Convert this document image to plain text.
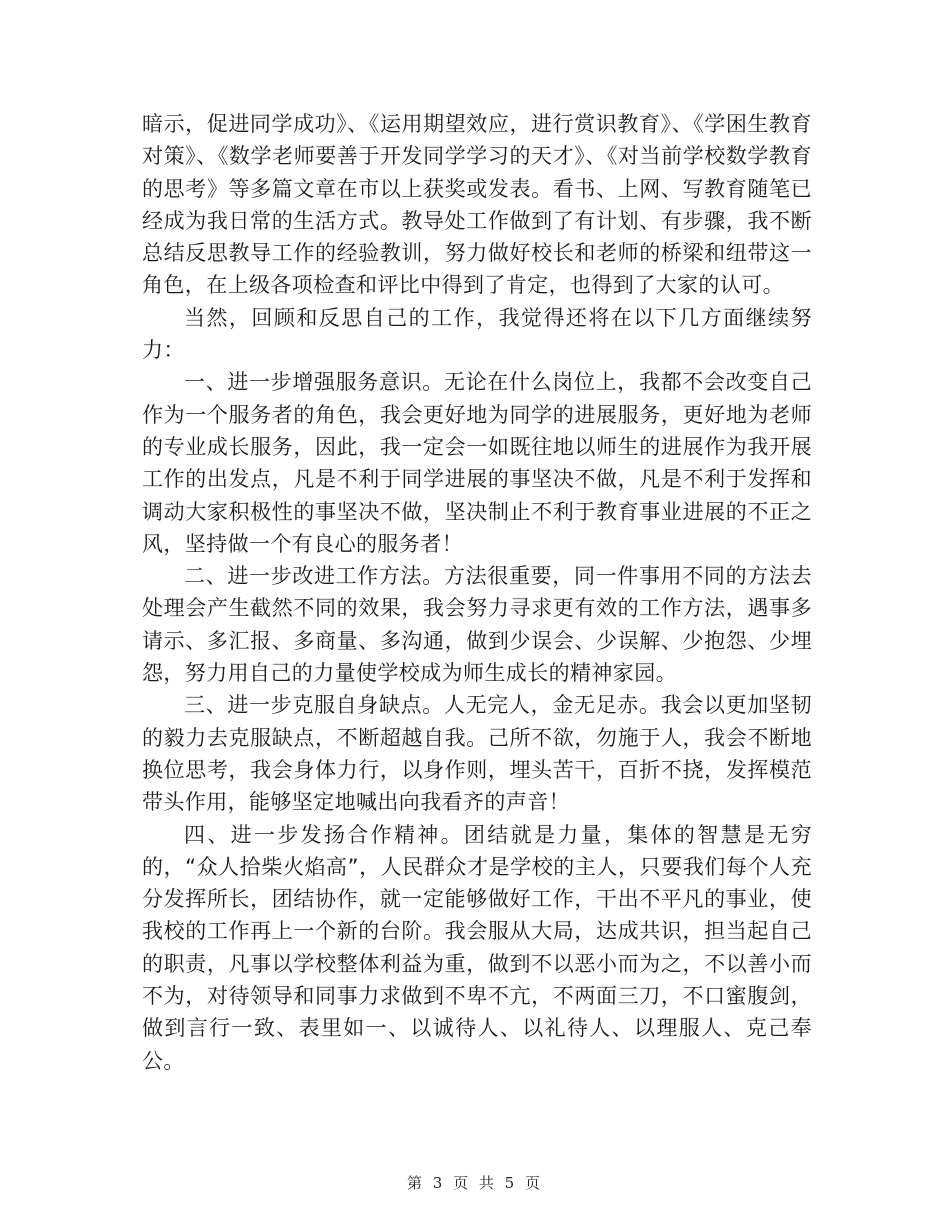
暗示，促进同学成功》、《运用期望效应，进行赏识教育》、《学困生教育对策》、《数学老师要善于开发同学学习的天才》、《对当前学校数学教育的思考》等多篇文章在市以上获奖或发表。看书、上网、写教育随笔已经成为我日常的生活方式。教导处工作做到了有计划、有步骤，我不断总结反思教导工作的经验教训，努力做好校长和老师的桥梁和纽带这一角色，在上级各项检查和评比中得到了肯定，也得到了大家的认可。

当然，回顾和反思自己的工作，我觉得还将在以下几方面继续努力：

一、进一步增强服务意识。无论在什么岗位上，我都不会改变自己作为一个服务者的角色，我会更好地为同学的进展服务，更好地为老师的专业成长服务，因此，我一定会一如既往地以师生的进展作为我开展工作的出发点，凡是不利于同学进展的事坚决不做，凡是不利于发挥和调动大家积极性的事坚决不做，坚决制止不利于教育事业进展的不正之风，坚持做一个有良心的服务者！

二、进一步改进工作方法。方法很重要，同一件事用不同的方法去处理会产生截然不同的效果，我会努力寻求更有效的工作方法，遇事多请示、多汇报、多商量、多沟通，做到少误会、少误解、少抱怨、少埋怨，努力用自己的力量使学校成为师生成长的精神家园。

三、进一步克服自身缺点。人无完人，金无足赤。我会以更加坚韧的毅力去克服缺点，不断超越自我。己所不欲，勿施于人，我会不断地换位思考，我会身体力行，以身作则，埋头苦干，百折不挠，发挥模范带头作用，能够坚定地喊出向我看齐的声音！

四、进一步发扬合作精神。团结就是力量，集体的智慧是无穷的，“众人拾柴火焰高”，人民群众才是学校的主人，只要我们每个人充分发挥所长，团结协作，就一定能够做好工作，干出不平凡的事业，使我校的工作再上一个新的台阶。我会服从大局，达成共识，担当起自己的职责，凡事以学校整体利益为重，做到不以恶小而为之，不以善小而不为，对待领导和同事力求做到不卑不亢，不两面三刀，不口蜜腹剑，做到言行一致、表里如一、以诚待人、以礼待人、以理服人、克己奉公。

第 3 页 共 5 页
